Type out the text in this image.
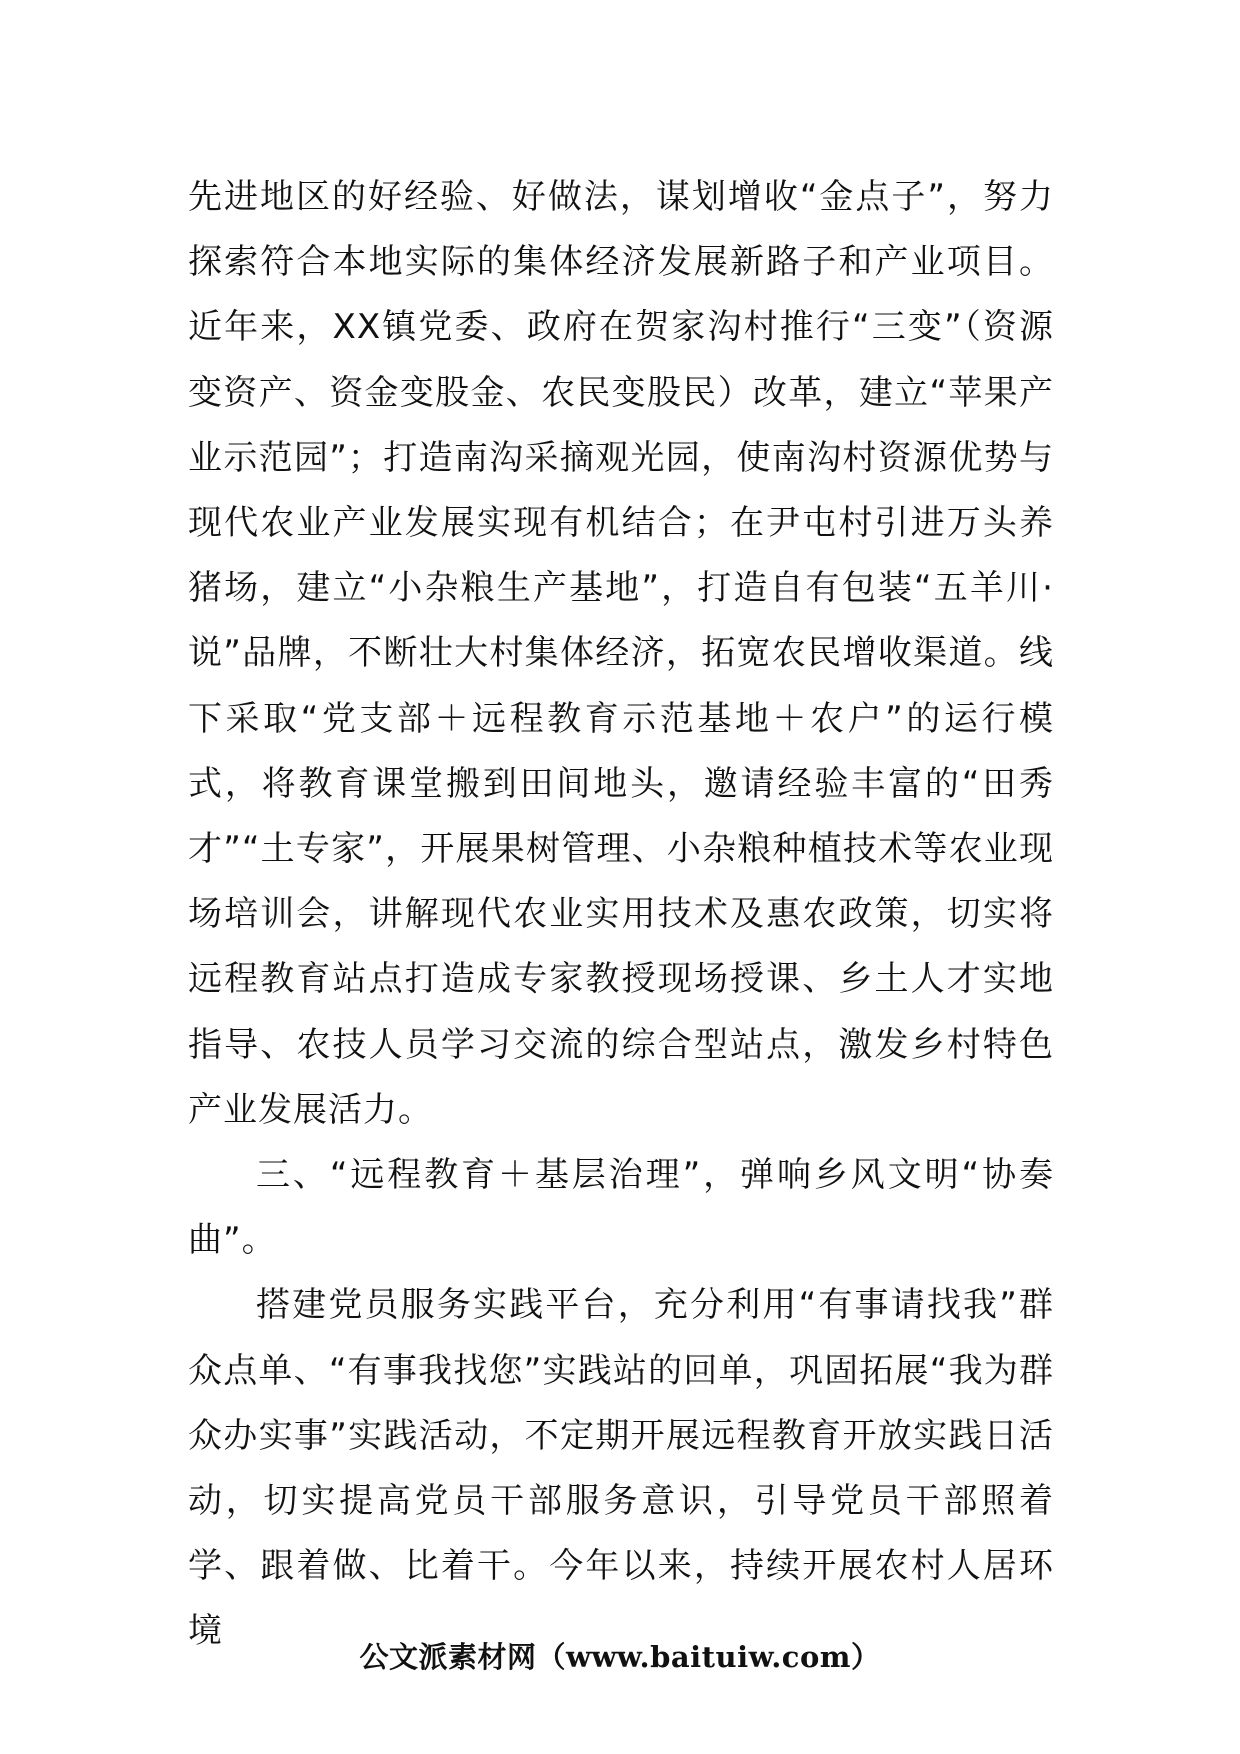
先进地区的好经验、好做法，谋划增收“金点子”，努力探索符合本地实际的集体经济发展新路子和产业项目。近年来，XX镇党委、政府在贺家沟村推行“三变”（资源变资产、资金变股金、农民变股民）改革，建立“苹果产业示范园”；打造南沟采摘观光园，使南沟村资源优势与现代农业产业发展实现有机结合；在尹屯村引进万头养猪场，建立“小杂粮生产基地”，打造自有包装“五羊川·说”品牌，不断壮大村集体经济，拓宽农民增收渠道。线下采取“党支部＋远程教育示范基地＋农户”的运行模式，将教育课堂搬到田间地头，邀请经验丰富的“田秀才”“土专家”，开展果树管理、小杂粮种植技术等农业现场培训会，讲解现代农业实用技术及惠农政策，切实将远程教育站点打造成专家教授现场授课、乡土人才实地指导、农技人员学习交流的综合型站点，激发乡村特色产业发展活力。

三、“远程教育＋基层治理”，弹响乡风文明“协奏曲”。

搭建党员服务实践平台，充分利用“有事请找我”群众点单、“有事我找您”实践站的回单，巩固拓展“我为群众办实事”实践活动，不定期开展远程教育开放实践日活动，切实提高党员干部服务意识，引导党员干部照着学、跟着做、比着干。今年以来，持续开展农村人居环境

公文派素材网（www.baituiw.com）
